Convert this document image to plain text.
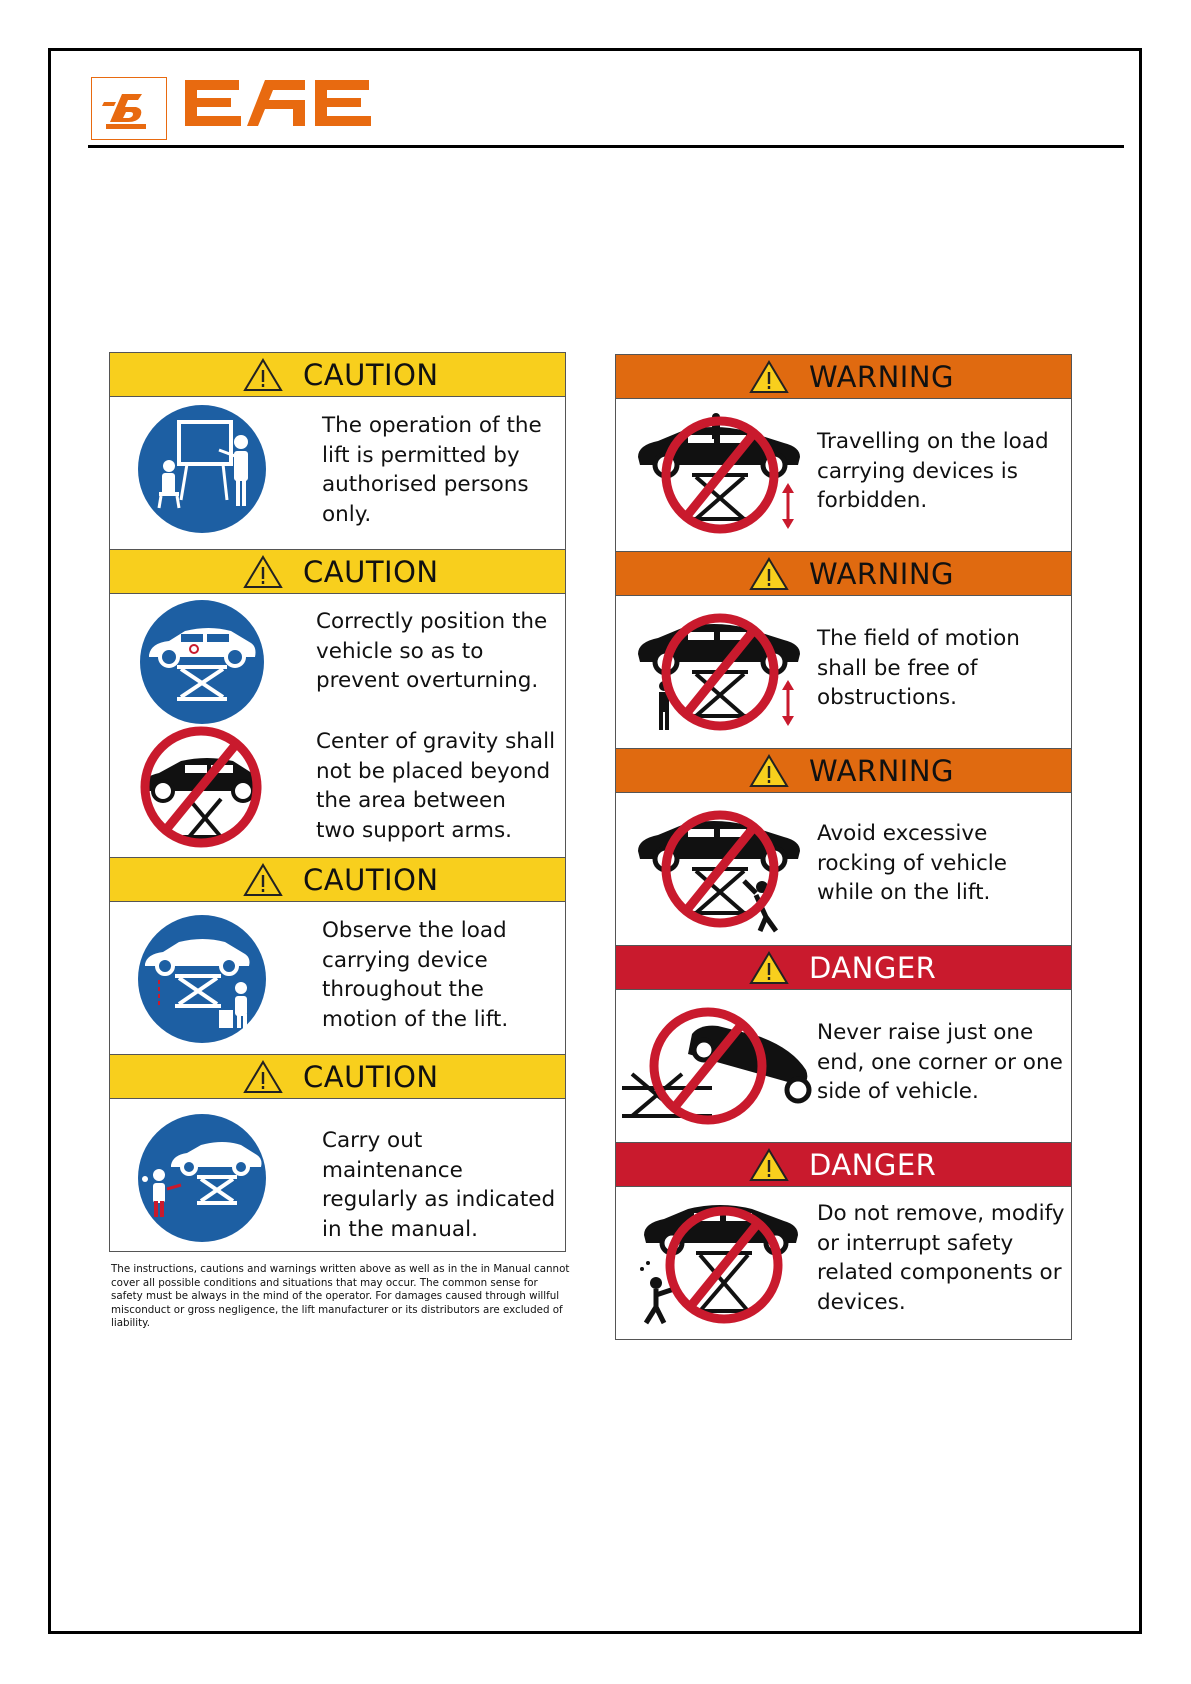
CAUTION
The operation of the
lift is permitted by
authorised persons
only.
CAUTION
Correctly position the
vehicle so as to
prevent overturning.
Center of gravity shall
not be placed beyond
the area between
two support arms.
CAUTION
Observe the load
carrying device
throughout the
motion of the lift.
CAUTION
Carry out maintenance
regularly as indicated
in the manual.
The instructions, cautions and warnings written above as well as in the in Manual cannot cover all possible conditions and situations that may occur. The common sense for safety must be always in the mind of the operator. For damages caused through willful misconduct or gross negligence, the lift manufacturer or its distributors are excluded of liability.
WARNING
Travelling on the load
carrying devices is
forbidden.
WARNING
The field of motion
shall be free of
obstructions.
WARNING
Avoid excessive
rocking of vehicle
while on the lift.
DANGER
Never raise just one
end, one corner or one
side of vehicle.
DANGER
Do not remove, modify
or interrupt safety
related components or
devices.
